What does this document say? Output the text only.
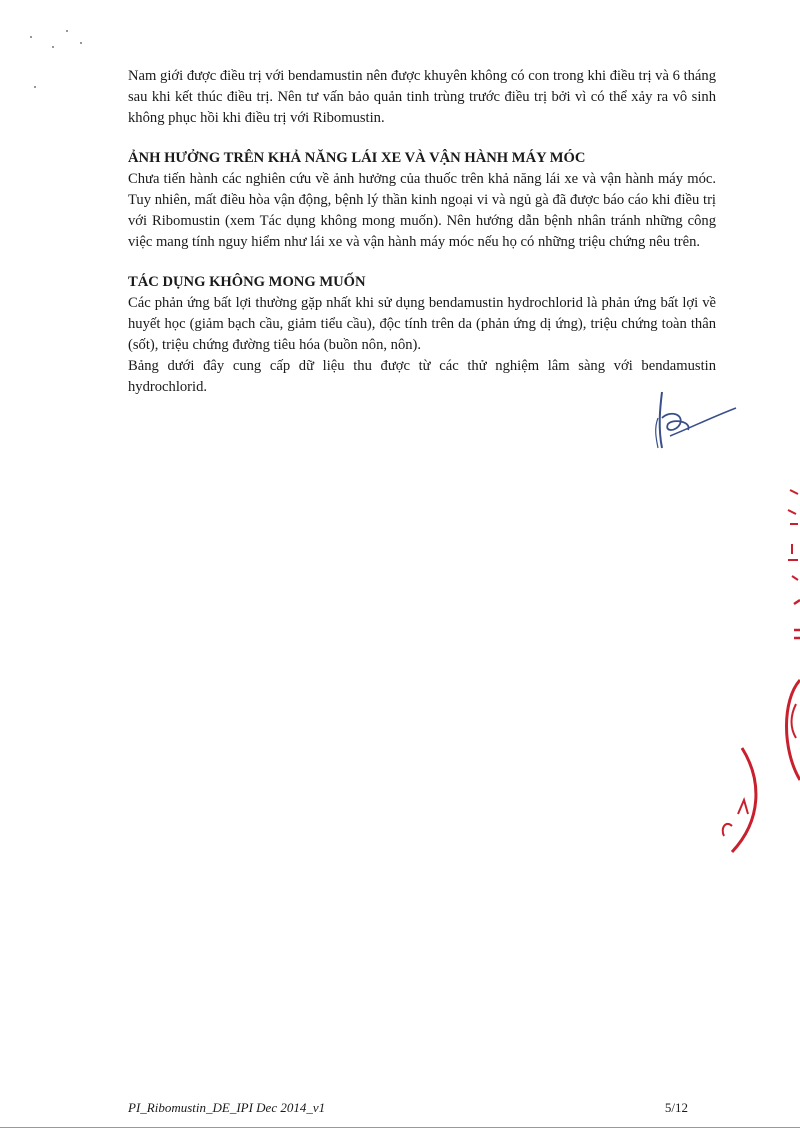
Nam giới được điều trị với bendamustin nên được khuyên không có con trong khi điều trị và 6 tháng sau khi kết thúc điều trị. Nên tư vấn bảo quản tinh trùng trước điều trị bởi vì có thể xảy ra vô sinh không phục hồi khi điều trị với Ribomustin.

ẢNH HƯỞNG TRÊN KHẢ NĂNG LÁI XE VÀ VẬN HÀNH MÁY MÓC

Chưa tiến hành các nghiên cứu về ảnh hưởng của thuốc trên khả năng lái xe và vận hành máy móc. Tuy nhiên, mất điều hòa vận động, bệnh lý thần kinh ngoại vi và ngủ gà đã được báo cáo khi điều trị với Ribomustin (xem Tác dụng không mong muốn). Nên hướng dẫn bệnh nhân tránh những công việc mang tính nguy hiểm như lái xe và vận hành máy móc nếu họ có những triệu chứng nêu trên.

TÁC DỤNG KHÔNG MONG MUỐN

Các phản ứng bất lợi thường gặp nhất khi sử dụng bendamustin hydrochlorid là phản ứng bất lợi về huyết học (giảm bạch cầu, giảm tiểu cầu), độc tính trên da (phản ứng dị ứng), triệu chứng toàn thân (sốt), triệu chứng đường tiêu hóa (buồn nôn, nôn).

Bảng dưới đây cung cấp dữ liệu thu được từ các thử nghiệm lâm sàng với bendamustin hydrochlorid.

PI_Ribomustin_DE_IPI Dec 2014_v1	5/12
